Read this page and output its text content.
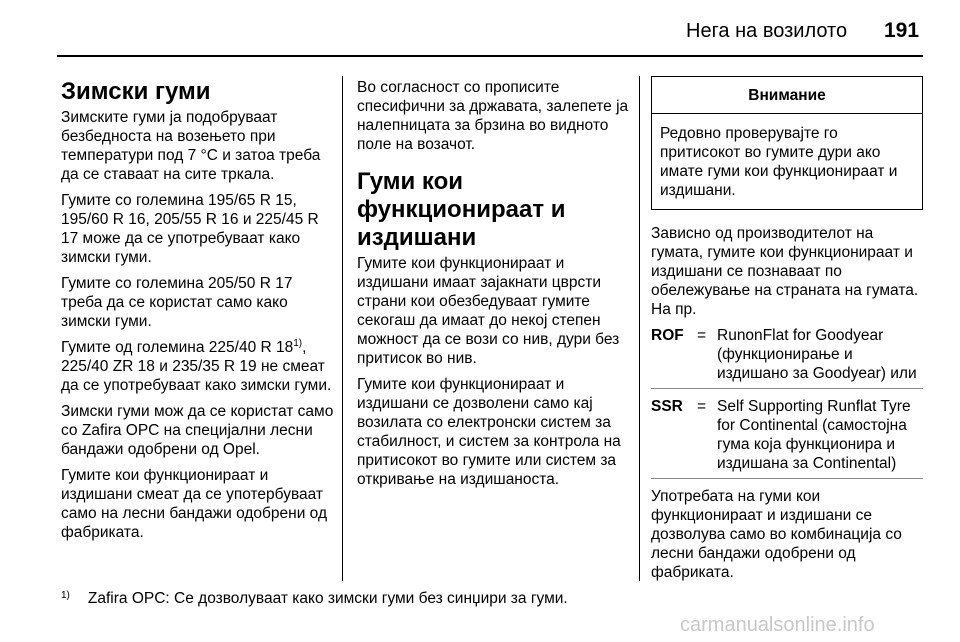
Нега на возилото 191
Зимски гуми

Зимските гуми ја подобруваат безбедноста на возењето при температури под 7 °C и затоа треба да се ставаат на сите тркала.

Гумите со големина 195/65 R 15, 195/60 R 16, 205/55 R 16 и 225/45 R 17 може да се употребуваат како зимски гуми.

Гумите со големина 205/50 R 17 треба да се користат само како зимски гуми.

Гумите од големина 225/40 R 18$^{1)}$, 225/40 ZR 18 и 235/35 R 19 не смеат да се употребуваат како зимски гуми.

Зимски гуми мож да се користат само со Zafira OPC на специјални лесни бандажи одобрени од Opel.

Гумите кои функционираат и издишани смеат да се употербуваат само на лесни бандажи одобрени од фабриката.

Во согласност со прописите спесифични за државата, залепете ја налепницата за брзина во видното поле на возачот.

Гуми кои функционираат и издишани

Гумите кои функционираат и издишани имаат зајакнати цврсти страни кои обезбедуваат гумите секогаш да имаат до некој степен можност да се вози со нив, дури без притисок во нив.

Гумите кои функционираат и издишани се дозволени само кај возилата со електронски систем за стабилност, и систем за контрола на притисокот во гумите или систем за откривање на издишаноста.

Внимание
Редовно проверувајте го притисокот во гумите дури ако имате гуми кои функционираат и издишани.

Зависно од производителот на гумата, гумите кои функционираат и издишани се познаваат по обележување на страната на гумата. На пр.

ROF = RunonFlat for Goodyear (функционирање и издишано за Goodyear) или
SSR = Self Supporting Runflat Tyre for Continental (самостојна гума која функционира и издишана за Continental)

Употребата на гуми кои функционираат и издишани се дозволува само во комбинација со лесни бандажи одобрени од фабриката.

$^{1)}$ Zafira OPC: Се дозволуваат како зимски гуми без синџири за гуми.
carmanualsonline.info
